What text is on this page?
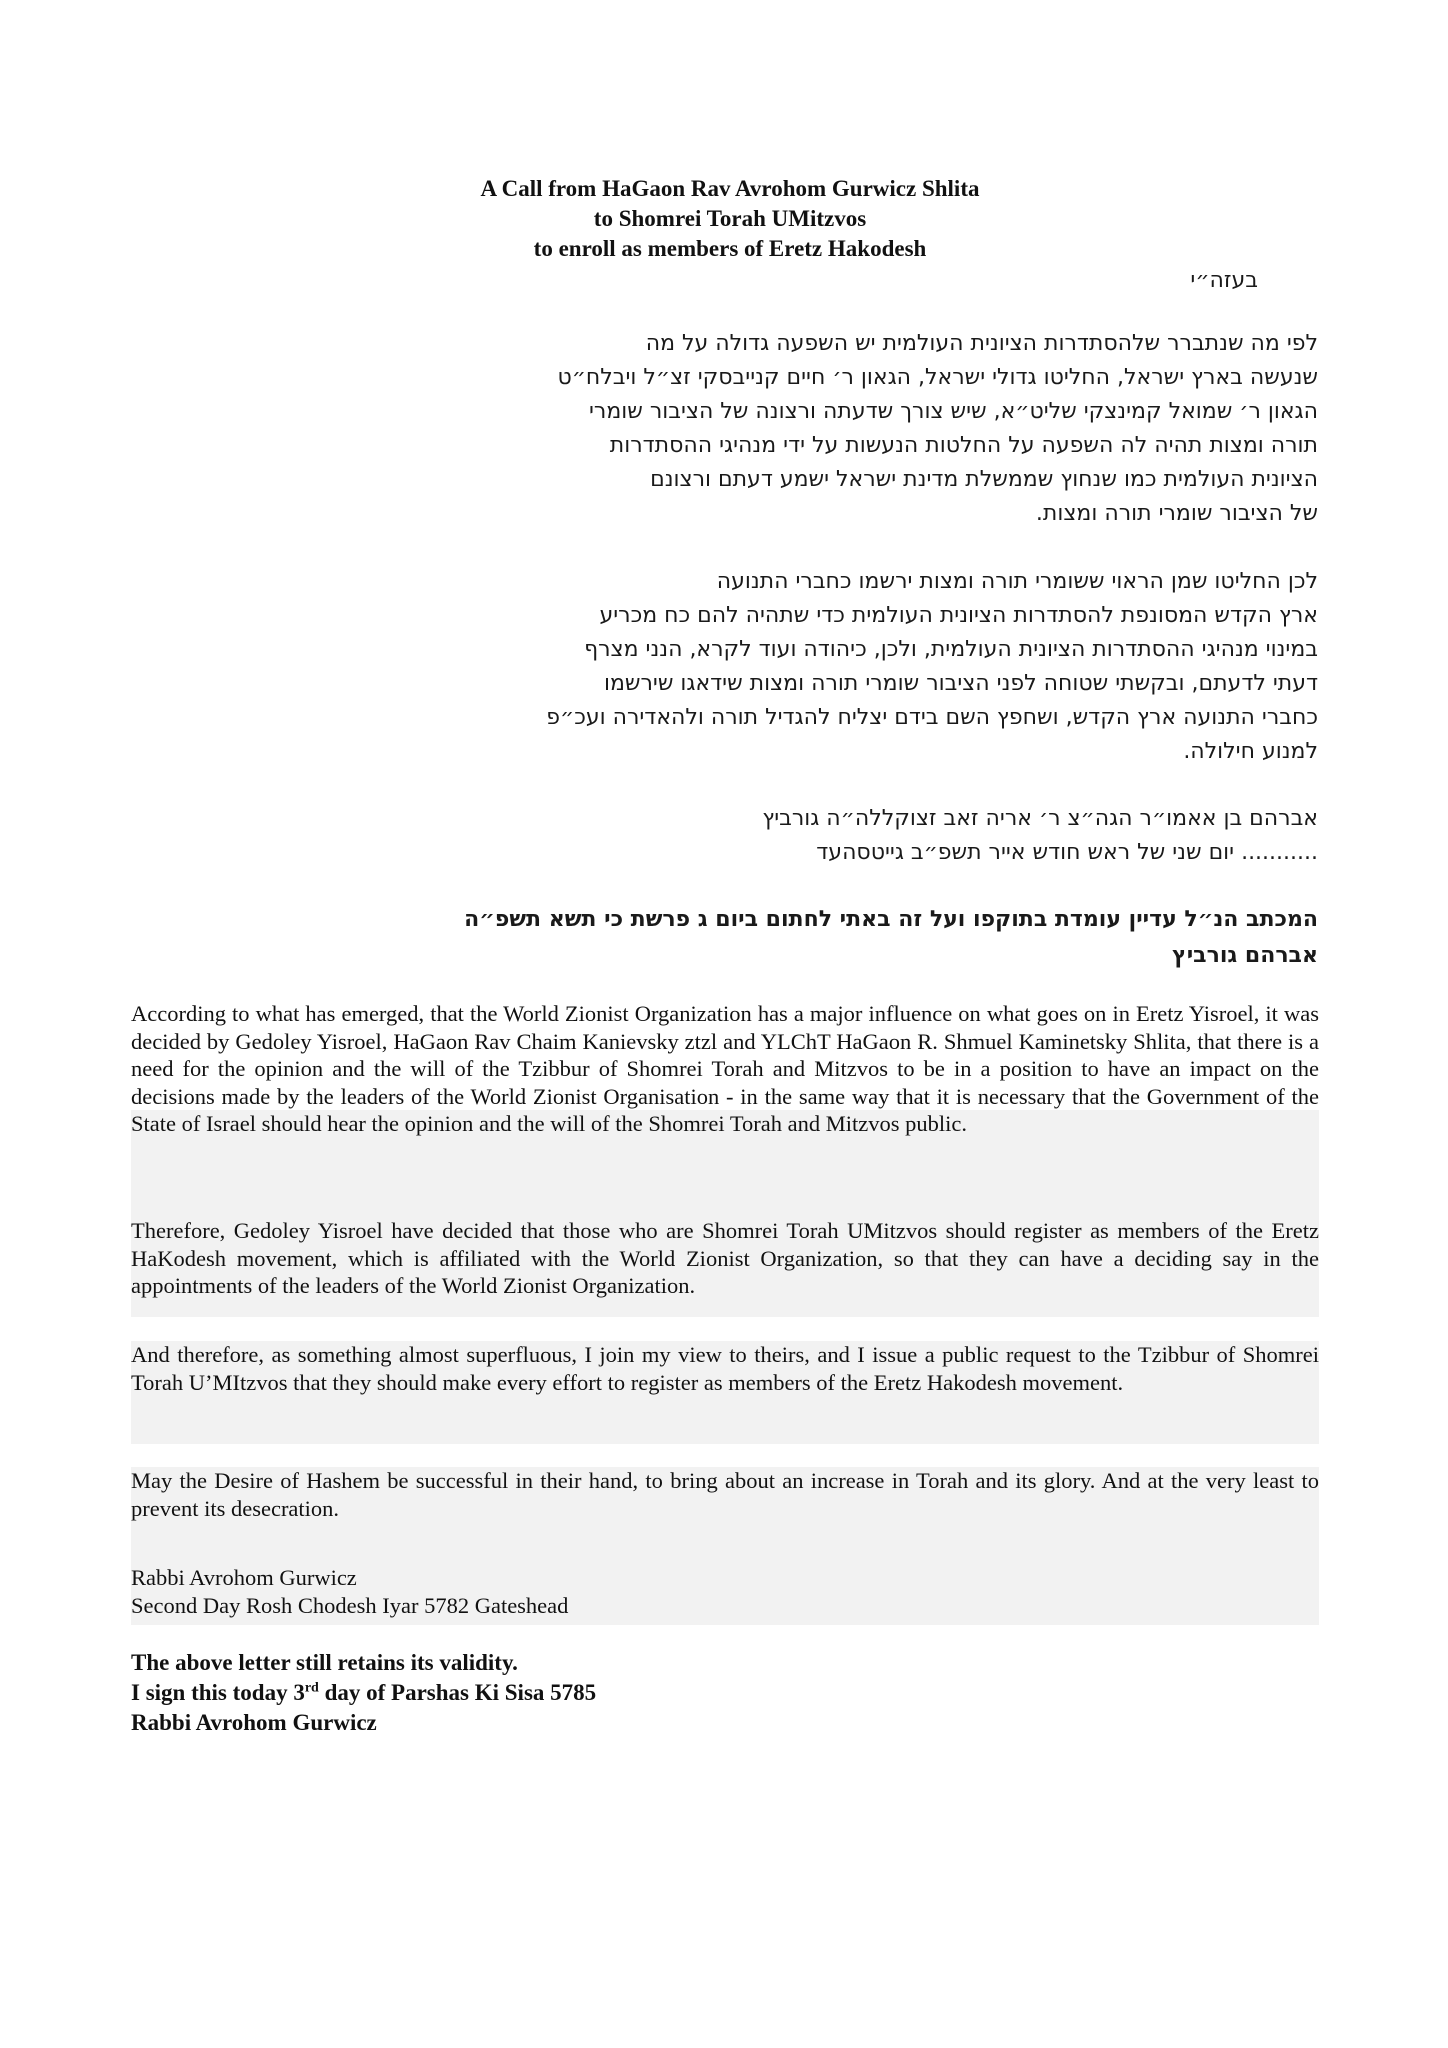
A Call from HaGaon Rav Avrohom Gurwicz Shlita
to Shomrei Torah UMitzvos
to enroll as members of Eretz Hakodesh
בעזה״י
לפי מה שנתברר שלהסתדרות הציונית העולמית יש השפעה גדולה על מה
שנעשה בארץ ישראל, החליטו גדולי ישראל, הגאון ר׳ חיים קנייבסקי זצ״ל ויבלח״ט
הגאון ר׳ שמואל קמינצקי שליט״א, שיש צורך שדעתה ורצונה של הציבור שומרי
תורה ומצות תהיה לה השפעה על החלטות הנעשות על ידי מנהיגי ההסתדרות
הציונית העולמית כמו שנחוץ שממשלת מדינת ישראל ישמע דעתם ורצונם
של הציבור שומרי תורה ומצות.
לכן החליטו שמן הראוי ששומרי תורה ומצות ירשמו כחברי התנועה
ארץ הקדש המסונפת להסתדרות הציונית העולמית כדי שתהיה להם כח מכריע
במינוי מנהיגי ההסתדרות הציונית העולמית, ולכן, כיהודה ועוד לקרא, הנני מצרף
דעתי לדעתם, ובקשתי שטוחה לפני הציבור שומרי תורה ומצות שידאגו שירשמו
כחברי התנועה ארץ הקדש, ושחפץ השם בידם יצליח להגדיל תורה ולהאדירה ועכ״פ
למנוע חילולה.
אברהם בן אאמו״ר הגה״צ ר׳ אריה זאב זצוקללה״ה גורביץ
........... יום שני של ראש חודש אייר תשפ״ב גייטסהעד
המכתב הנ״ל עדיין עומדת בתוקפו ועל זה באתי לחתום ביום ג פרשת כי תשא תשפ״ה
אברהם גורביץ

According to what has emerged, that the World Zionist Organization has a major influence on what goes on in Eretz Yisroel, it was decided by Gedoley Yisroel, HaGaon Rav Chaim Kanievsky ztzl and YLChT HaGaon R. Shmuel Kaminetsky Shlita, that there is a need for the opinion and the will of the Tzibbur of Shomrei Torah and Mitzvos to be in a position to have an impact on the decisions made by the leaders of the World Zionist Organisation - in the same way that it is necessary that the Government of the State of Israel should hear the opinion and the will of the Shomrei Torah and Mitzvos public.

Therefore, Gedoley Yisroel have decided that those who are Shomrei Torah UMitzvos should register as members of the Eretz HaKodesh movement, which is affiliated with the World Zionist Organization, so that they can have a deciding say in the appointments of the leaders of the World Zionist Organization.

And therefore, as something almost superfluous, I join my view to theirs, and I issue a public request to the Tzibbur of Shomrei Torah U’MItzvos that they should make every effort to register as members of the Eretz Hakodesh movement.

May the Desire of Hashem be successful in their hand, to bring about an increase in Torah and its glory. And at the very least to prevent its desecration.

Rabbi Avrohom Gurwicz
Second Day Rosh Chodesh Iyar 5782 Gateshead
The above letter still retains its validity.
I sign this today 3rd day of Parshas Ki Sisa 5785
Rabbi Avrohom Gurwicz
